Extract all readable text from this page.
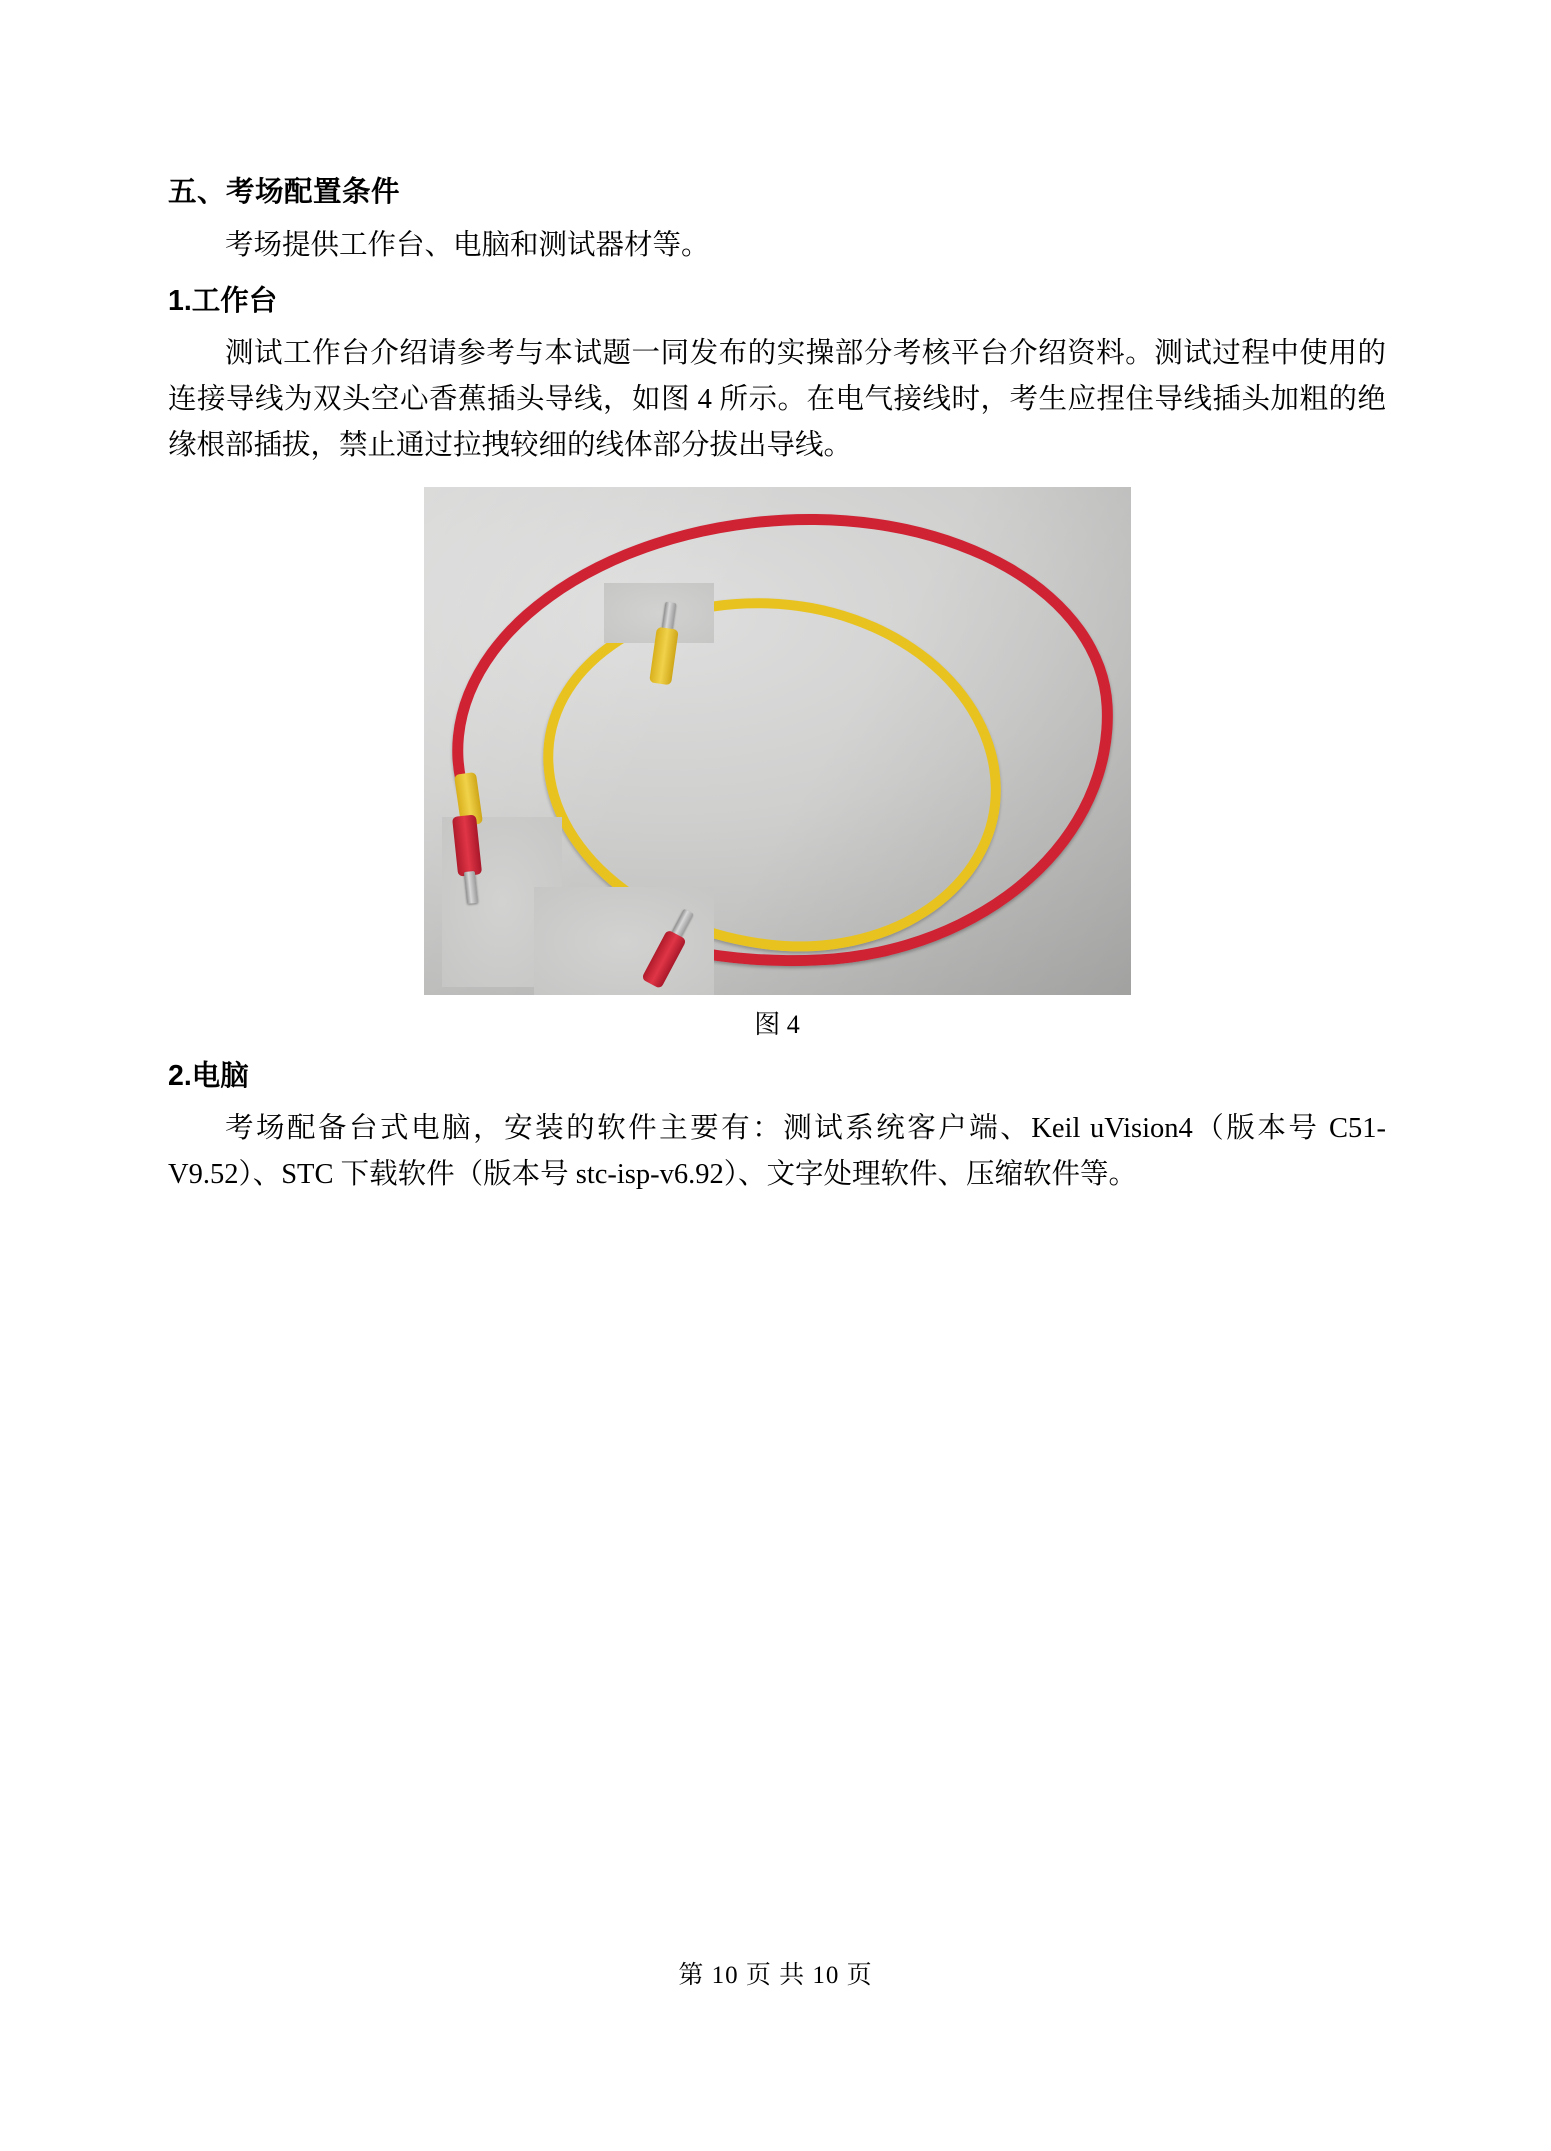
五、考场配置条件

考场提供工作台、电脑和测试器材等。

1.工作台

测试工作台介绍请参考与本试题一同发布的实操部分考核平台介绍资料。测试过程中使用的连接导线为双头空心香蕉插头导线，如图 4 所示。在电气接线时，考生应捏住导线插头加粗的绝缘根部插拔，禁止通过拉拽较细的线体部分拔出导线。

图 4
2.电脑

考场配备台式电脑，安装的软件主要有：测试系统客户端、Keil uVision4（版本号 C51-V9.52）、STC 下载软件（版本号 stc-isp-v6.92）、文字处理软件、压缩软件等。

第 10 页 共 10 页
